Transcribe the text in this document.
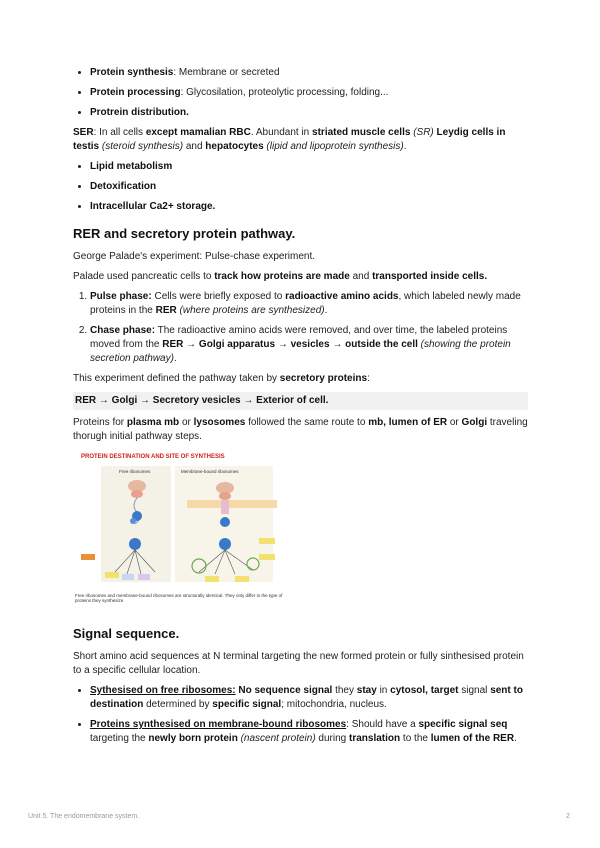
• Protein synthesis: Membrane or secreted
• Protein processing: Glycosilation, proteolytic processing, folding...
• Protrein distribution.

SER: In all cells except mamalian RBC. Abundant in striated muscle cells (SR) Leydig cells in testis (steroid synthesis) and hepatocytes (lipid and lipoprotein synthesis).

• Lipid metabolism
• Detoxification
• Intracellular Ca2+ storage.
RER and secretory protein pathway.

George Palade's experiment: Pulse-chase experiment.

Palade used pancreatic cells to track how proteins are made and transported inside cells.

1. Pulse phase: Cells were briefly exposed to radioactive amino acids, which labeled newly made proteins in the RER (where proteins are synthesized).
2. Chase phase: The radioactive amino acids were removed, and over time, the labeled proteins moved from the RER → Golgi apparatus → vesicles → outside the cell (showing the protein secretion pathway).

This experiment defined the pathway taken by secretory proteins:

RER → Golgi → Secretory vesicles → Exterior of cell.

Proteins for plasma mb or lysosomes followed the same route to mb, lumen of ER or Golgi traveling thorugh initial pathway steps.

PROTEIN DESTINATION AND SITE OF SYNTHESIS
Free ribosomes	Membrane-bound ribosomes
Free ribosomes and membrane-bound ribosomes are structurally identical. They only differ in the type of proteins they synthesize.
Signal sequence.

Short amino acid sequences at N terminal targeting the new formed protein or fully sinthesised protein to a specific cellular location.

• Sythesised on free ribosomes: No sequence signal they stay in cytosol, target signal sent to destination determined by specific signal; mitochondria, nucleus.
• Proteins synthesised on membrane-bound ribosomes: Should have a specific signal seq targeting the newly born protein (nascent protein) during translation to the lumen of the RER.
Unit 5. The endomembrane system.	2
